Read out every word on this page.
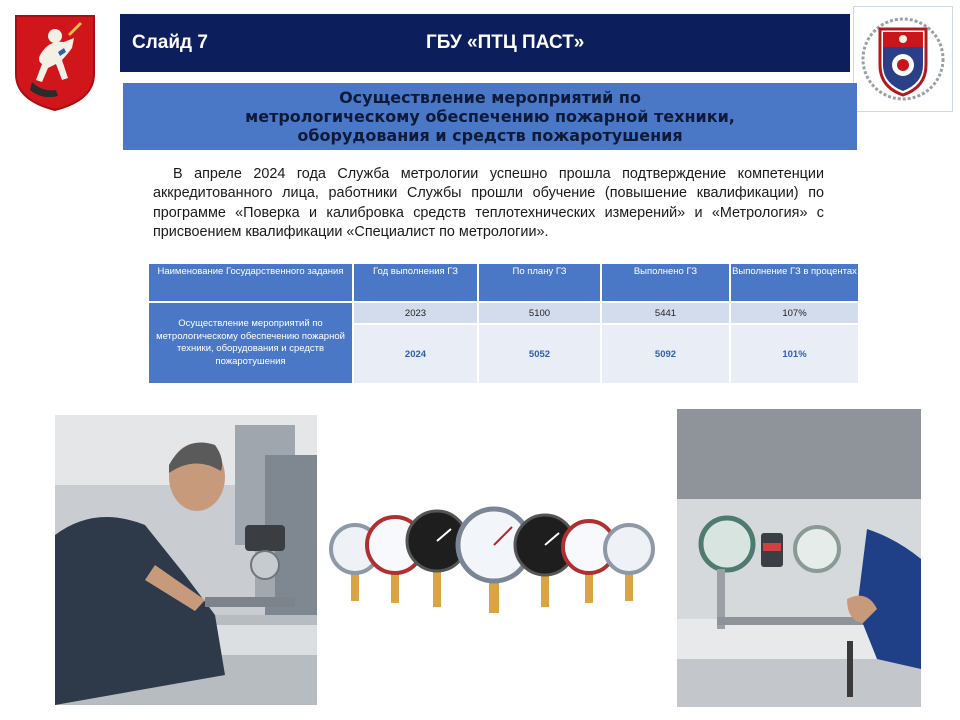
Слайд 7	ГБУ «ПТЦ ПАСТ»
Осуществление мероприятий по
метрологическому обеспечению пожарной техники,
оборудования и средств пожаротушения

В апреле 2024 года Служба метрологии успешно прошла подтверждение компетенции аккредитованного лица, работники Службы прошли обучение (повышение квалификации) по программе «Поверка и калибровка средств теплотехнических измерений» и «Метрология» с присвоением квалификации «Специалист по метрологии».

Наименование Государственного задания	Год выполнения ГЗ	По плану ГЗ	Выполнено ГЗ	Выполнение ГЗ в процентах
Осуществление мероприятий по метрологическому обеспечению пожарной техники, оборудования и средств пожаротушения	2023	5100	5441	107%
	2024	5052	5092	101%
